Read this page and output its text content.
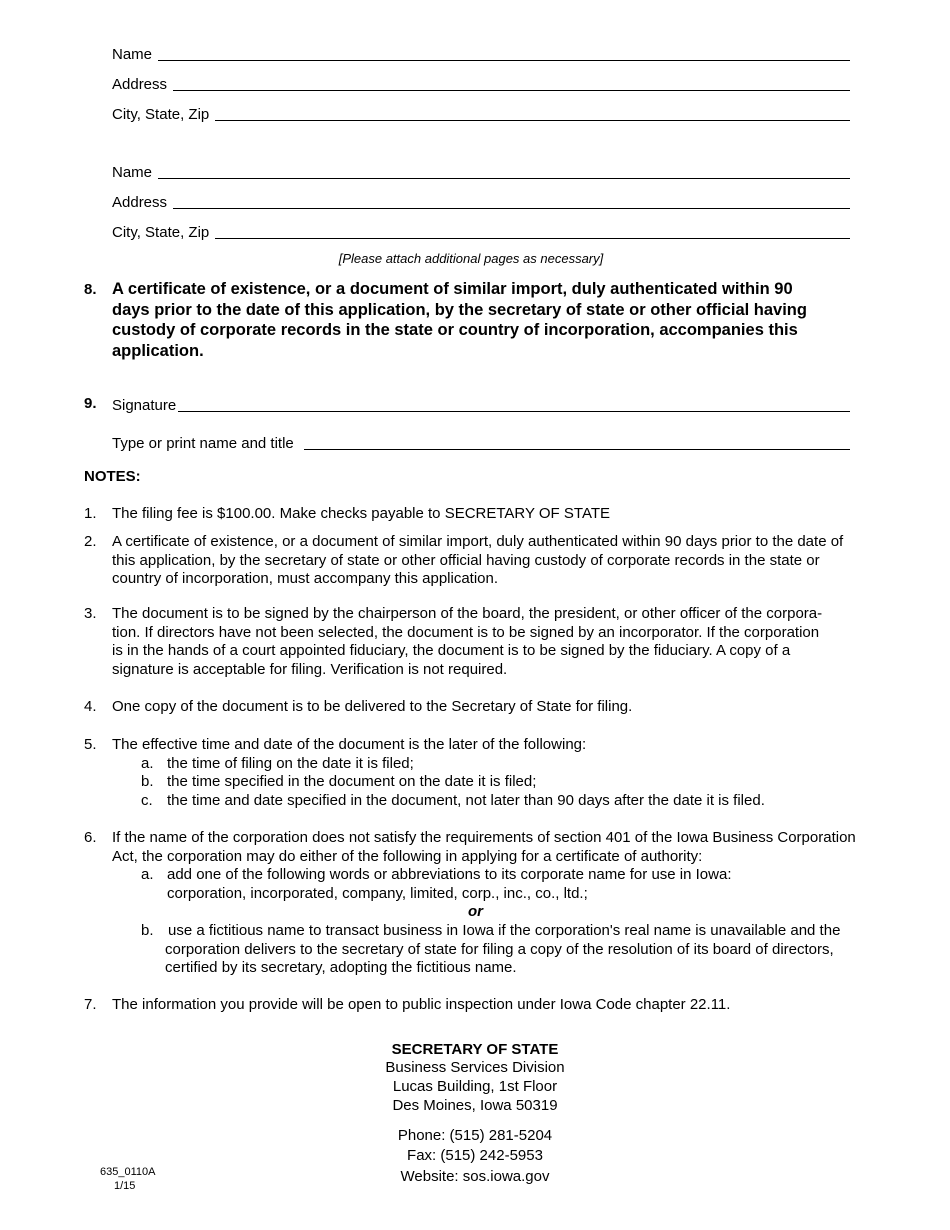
Name
Address
City, State, Zip
Name
Address
City, State, Zip
[Please attach additional pages as necessary]
8. A certificate of existence, or a document of similar import, duly authenticated within 90
days prior to the date of this application, by the secretary of state or other official having
custody of corporate records in the state or country of incorporation, accompanies this
application.
9. Signature
Type or print name and title
NOTES:
1. The filing fee is $100.00. Make checks payable to SECRETARY OF STATE
2. A certificate of existence, or a document of similar import, duly authenticated within 90 days prior to the date of
this application, by the secretary of state or other official having custody of corporate records in the state or
country of incorporation, must accompany this application.
3. The document is to be signed by the chairperson of the board, the president, or other officer of the corpora-
tion. If directors have not been selected, the document is to be signed by an incorporator. If the corporation
is in the hands of a court appointed fiduciary, the document is to be signed by the fiduciary. A copy of a
signature is acceptable for filing. Verification is not required.
4. One copy of the document is to be delivered to the Secretary of State for filing.
5. The effective time and date of the document is the later of the following:
a. the time of filing on the date it is filed;
b. the time specified in the document on the date it is filed;
c. the time and date specified in the document, not later than 90 days after the date it is filed.
6. If the name of the corporation does not satisfy the requirements of section 401 of the Iowa Business Corporation
Act, the corporation may do either of the following in applying for a certificate of authority:
a. add one of the following words or abbreviations to its corporate name for use in Iowa:
corporation, incorporated, company, limited, corp., inc., co., ltd.;
or
b. use a fictitious name to transact business in Iowa if the corporation's real name is unavailable and the
corporation delivers to the secretary of state for filing a copy of the resolution of its board of directors,
certified by its secretary, adopting the fictitious name.
7. The information you provide will be open to public inspection under Iowa Code chapter 22.11.
SECRETARY OF STATE
Business Services Division
Lucas Building, 1st Floor
Des Moines, Iowa 50319
Phone: (515) 281-5204
Fax: (515) 242-5953
Website: sos.iowa.gov
635_0110A
1/15
